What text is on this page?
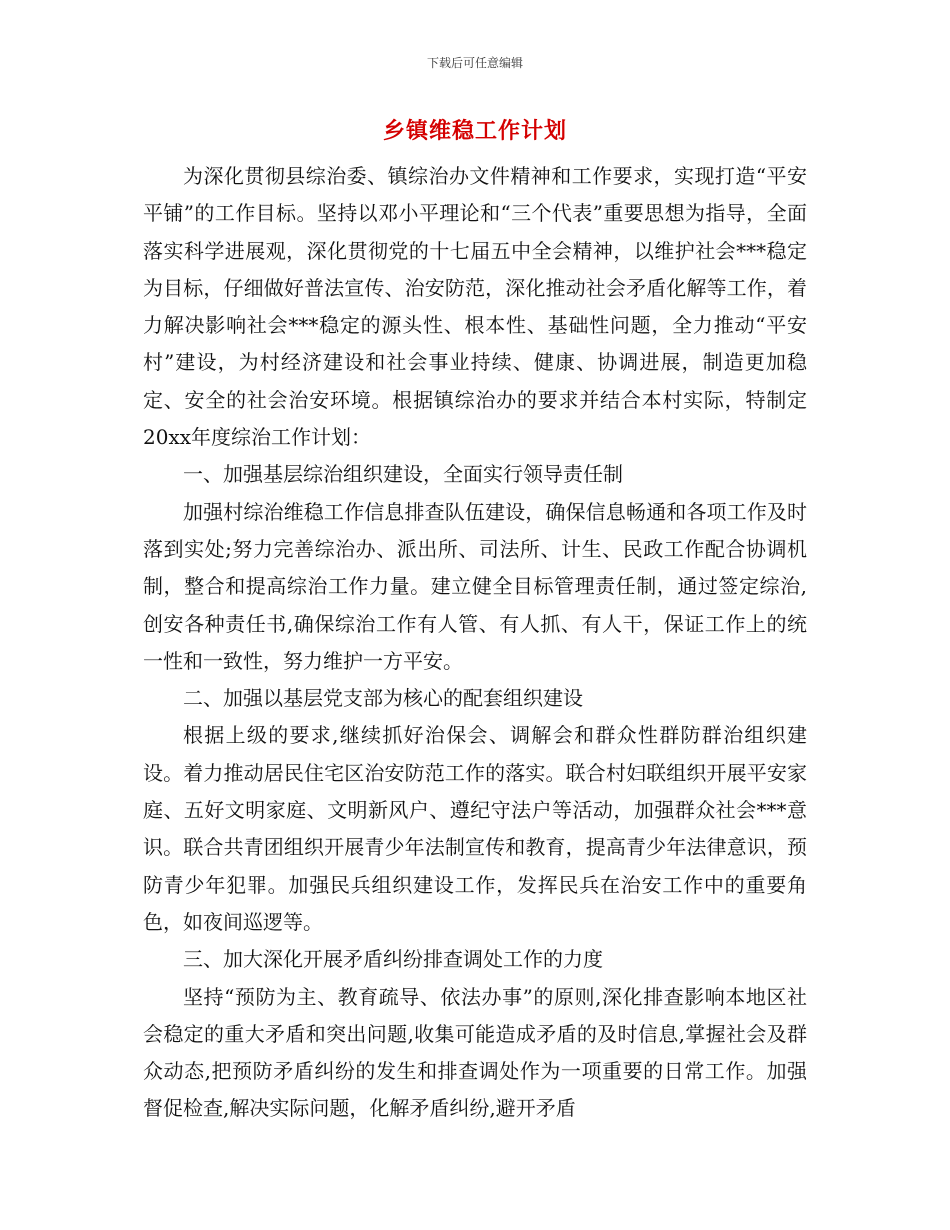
下载后可任意编辑
乡镇维稳工作计划

为深化贯彻县综治委、镇综治办文件精神和工作要求，实现打造“平安平铺”的工作目标。坚持以邓小平理论和“三个代表”重要思想为指导，全面落实科学进展观，深化贯彻党的十七届五中全会精神，以维护社会***稳定为目标，仔细做好普法宣传、治安防范，深化推动社会矛盾化解等工作，着力解决影响社会***稳定的源头性、根本性、基础性问题，全力推动“平安村”建设，为村经济建设和社会事业持续、健康、协调进展，制造更加稳定、安全的社会治安环境。根据镇综治办的要求并结合本村实际，特制定20xx年度综治工作计划：

一、加强基层综治组织建设，全面实行领导责任制

加强村综治维稳工作信息排查队伍建设，确保信息畅通和各项工作及时落到实处;努力完善综治办、派出所、司法所、计生、民政工作配合协调机制，整合和提高综治工作力量。建立健全目标管理责任制，通过签定综治,创安各种责任书,确保综治工作有人管、有人抓、有人干，保证工作上的统一性和一致性，努力维护一方平安。

二、加强以基层党支部为核心的配套组织建设

根据上级的要求,继续抓好治保会、调解会和群众性群防群治组织建设。着力推动居民住宅区治安防范工作的落实。联合村妇联组织开展平安家庭、五好文明家庭、文明新风户、遵纪守法户等活动，加强群众社会***意识。联合共青团组织开展青少年法制宣传和教育，提高青少年法律意识，预防青少年犯罪。加强民兵组织建设工作，发挥民兵在治安工作中的重要角色，如夜间巡逻等。

三、加大深化开展矛盾纠纷排查调处工作的力度

坚持“预防为主、教育疏导、依法办事”的原则,深化排查影响本地区社会稳定的重大矛盾和突出问题,收集可能造成矛盾的及时信息,掌握社会及群众动态,把预防矛盾纠纷的发生和排查调处作为一项重要的日常工作。加强督促检查,解决实际问题，化解矛盾纠纷,避开矛盾
